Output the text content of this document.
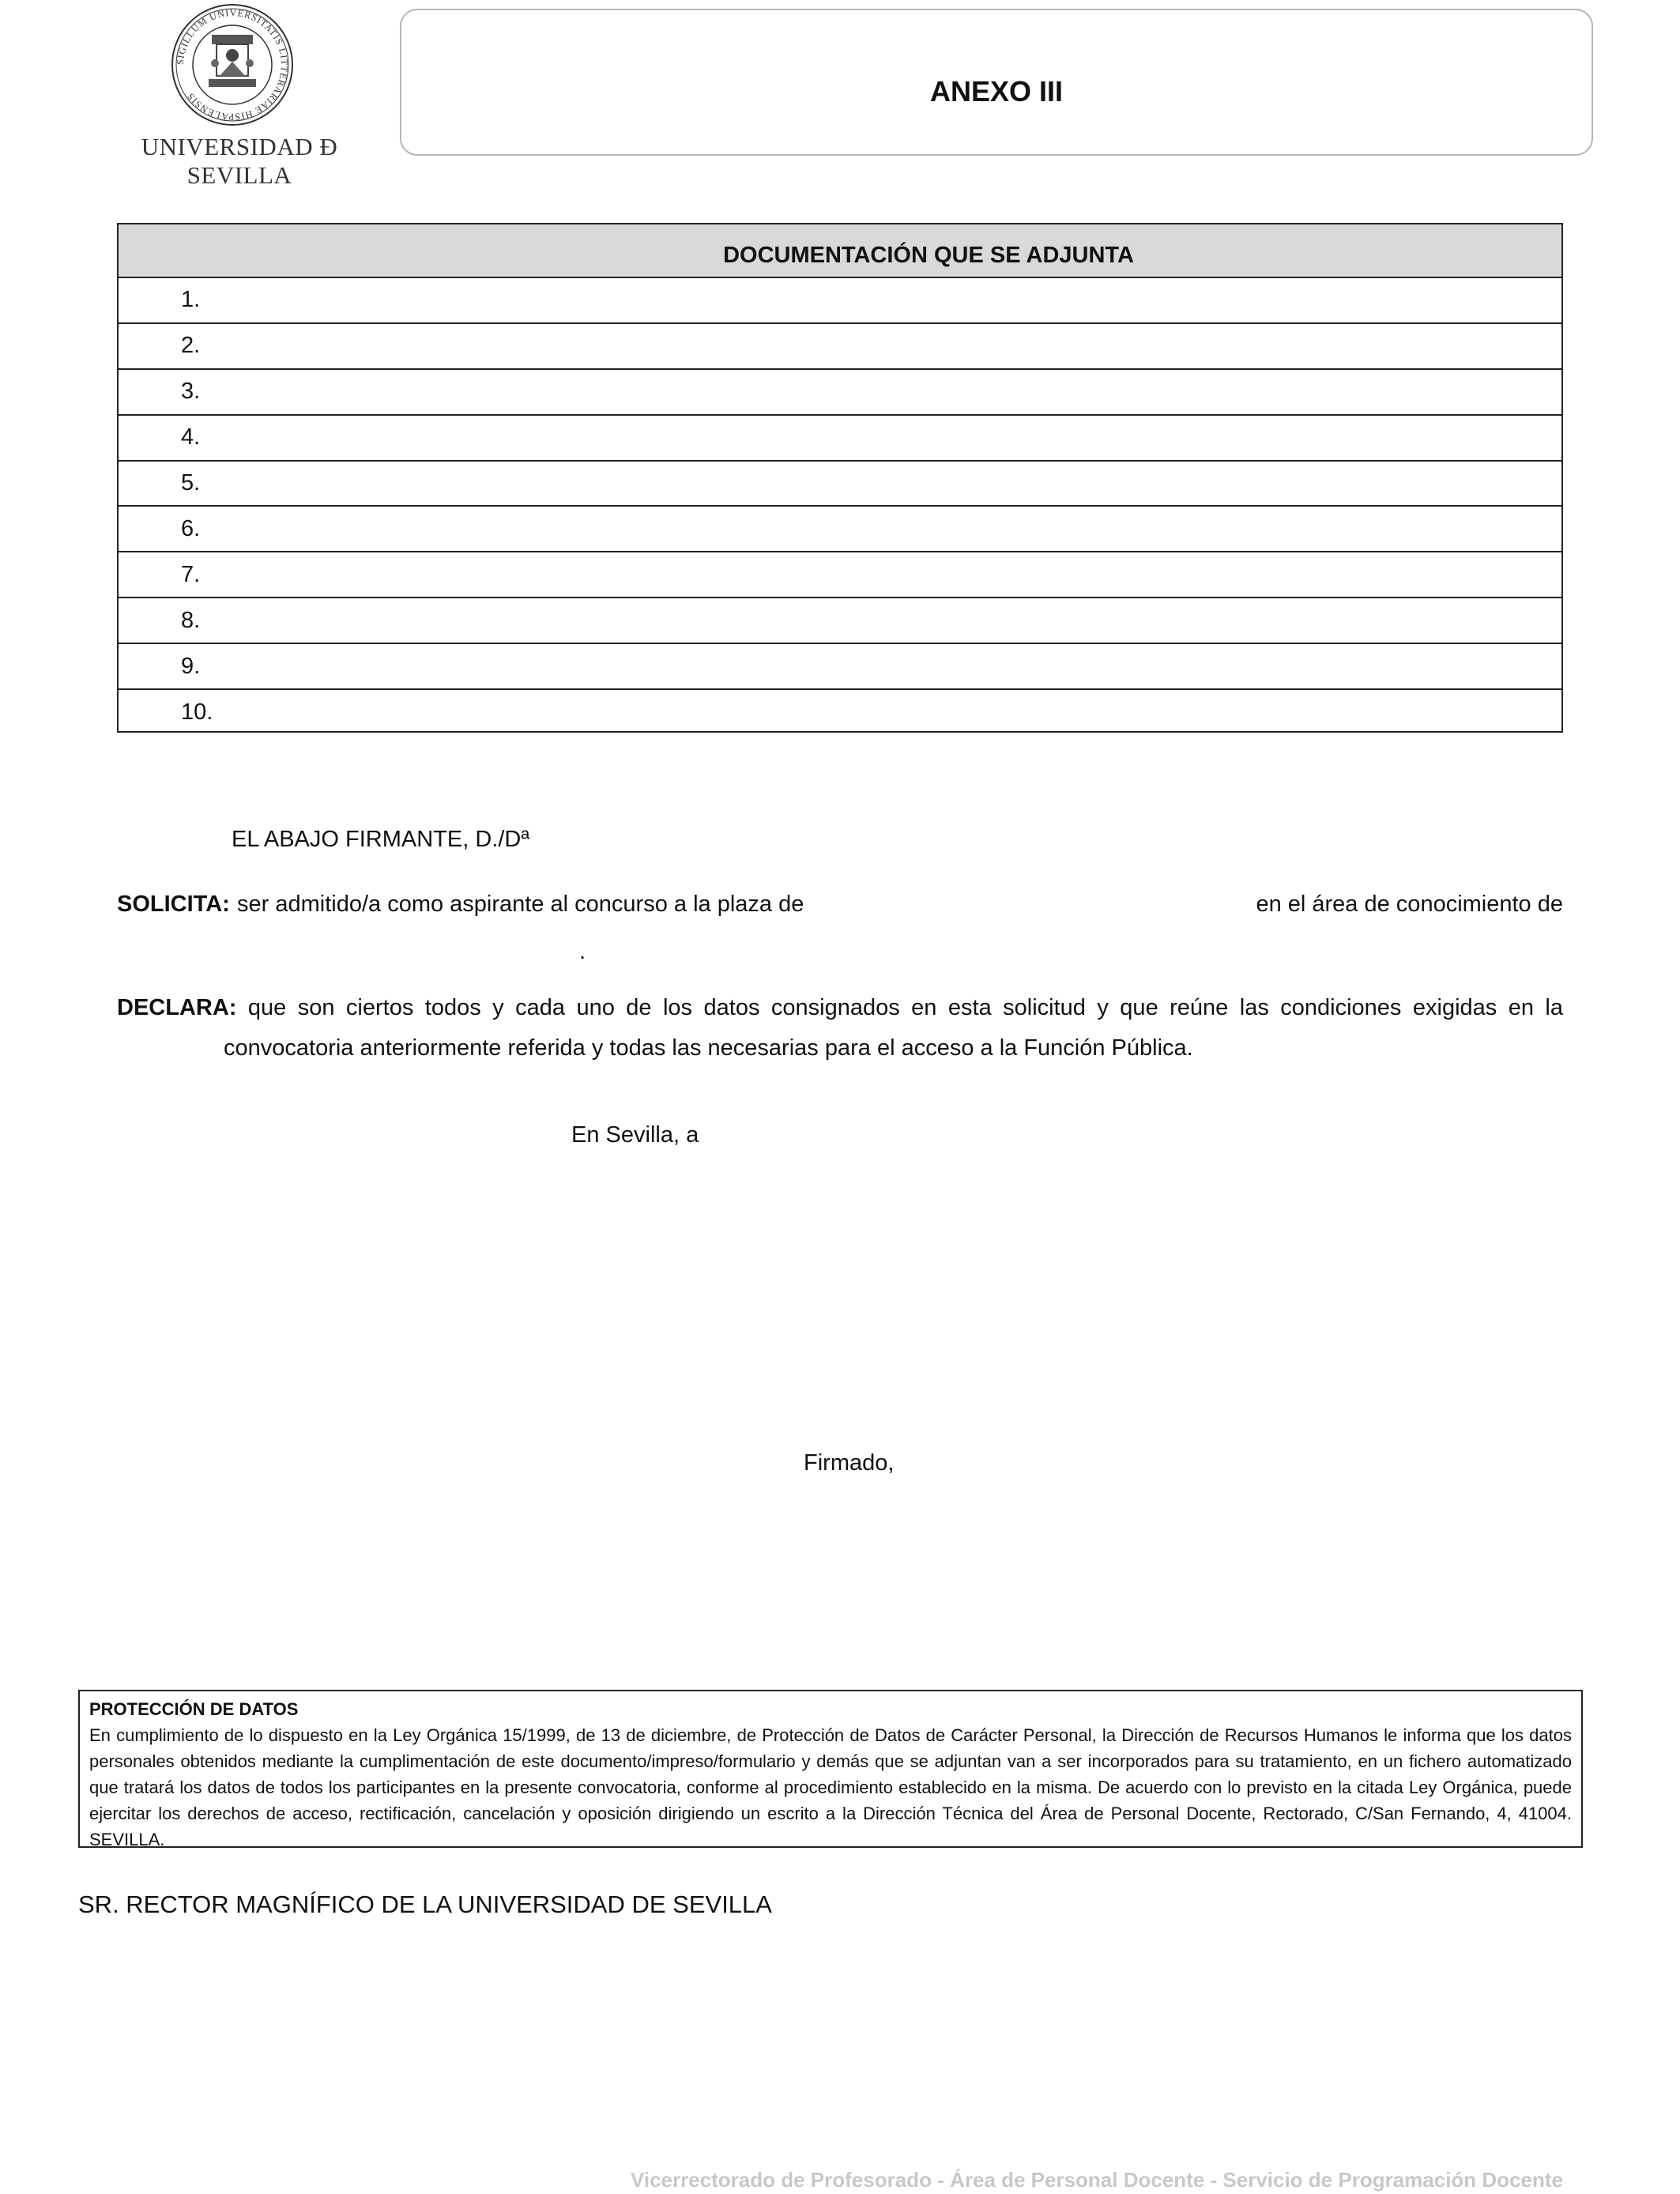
SIGILLUM UNIVERSITATIS LITTERARIAE HISPALENSIS
UNIVERSIDAD Ð SEVILLA
ANEXO III
DOCUMENTACIÓN QUE SE ADJUNTA
1.
2.
3.
4.
5.
6.
7.
8.
9.
10.
EL ABAJO FIRMANTE, D./Dª
SOLICITA: ser admitido/a como aspirante al concurso a la plaza de	en el área de conocimiento de
.
DECLARA: que son ciertos todos y cada uno de los datos consignados en esta solicitud y que reúne las condiciones exigidas en la
convocatoria anteriormente referida y todas las necesarias para el acceso a la Función Pública.
En Sevilla, a
Firmado,
PROTECCIÓN DE DATOS
En cumplimiento de lo dispuesto en la Ley Orgánica 15/1999, de 13 de diciembre, de Protección de Datos de Carácter Personal, la Dirección de Recursos Humanos le informa que los datos personales obtenidos mediante la cumplimentación de este documento/impreso/formulario y demás que se adjuntan van a ser incorporados para su tratamiento, en un fichero automatizado que tratará los datos de todos los participantes en la presente convocatoria, conforme al procedimiento establecido en la misma. De acuerdo con lo previsto en la citada Ley Orgánica, puede ejercitar los derechos de acceso, rectificación, cancelación y oposición dirigiendo un escrito a la Dirección Técnica del Área de Personal Docente, Rectorado, C/San Fernando, 4, 41004. SEVILLA.
SR. RECTOR MAGNÍFICO DE LA UNIVERSIDAD DE SEVILLA
Vicerrectorado de Profesorado - Área de Personal Docente - Servicio de Programación Docente
